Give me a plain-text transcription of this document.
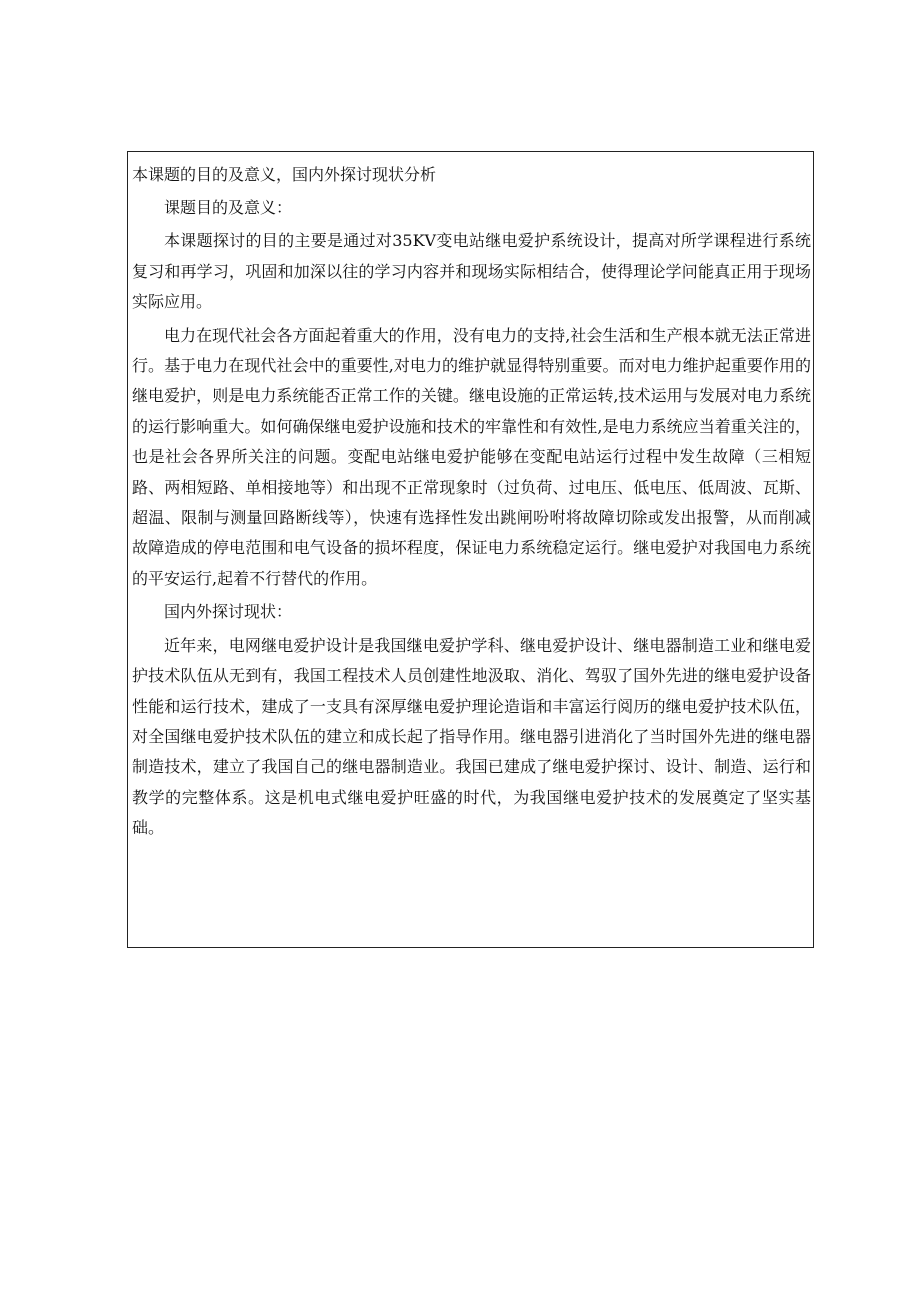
本课题的目的及意义，国内外探讨现状分析

课题目的及意义：

本课题探讨的目的主要是通过对35KV变电站继电爱护系统设计，提高对所学课程进行系统复习和再学习，巩固和加深以往的学习内容并和现场实际相结合，使得理论学问能真正用于现场实际应用。

电力在现代社会各方面起着重大的作用，没有电力的支持,社会生活和生产根本就无法正常进行。基于电力在现代社会中的重要性,对电力的维护就显得特别重要。而对电力维护起重要作用的继电爱护，则是电力系统能否正常工作的关键。继电设施的正常运转,技术运用与发展对电力系统的运行影响重大。如何确保继电爱护设施和技术的牢靠性和有效性,是电力系统应当着重关注的，也是社会各界所关注的问题。变配电站继电爱护能够在变配电站运行过程中发生故障（三相短路、两相短路、单相接地等）和出现不正常现象时（过负荷、过电压、低电压、低周波、瓦斯、超温、限制与测量回路断线等），快速有选择性发出跳闸吩咐将故障切除或发出报警，从而削减故障造成的停电范围和电气设备的损坏程度，保证电力系统稳定运行。继电爱护对我国电力系统的平安运行,起着不行替代的作用。

国内外探讨现状：

近年来，电网继电爱护设计是我国继电爱护学科、继电爱护设计、继电器制造工业和继电爱护技术队伍从无到有，我国工程技术人员创建性地汲取、消化、驾驭了国外先进的继电爱护设备性能和运行技术，建成了一支具有深厚继电爱护理论造诣和丰富运行阅历的继电爱护技术队伍，对全国继电爱护技术队伍的建立和成长起了指导作用。继电器引进消化了当时国外先进的继电器制造技术，建立了我国自己的继电器制造业。我国已建成了继电爱护探讨、设计、制造、运行和教学的完整体系。这是机电式继电爱护旺盛的时代，为我国继电爱护技术的发展奠定了坚实基础。
